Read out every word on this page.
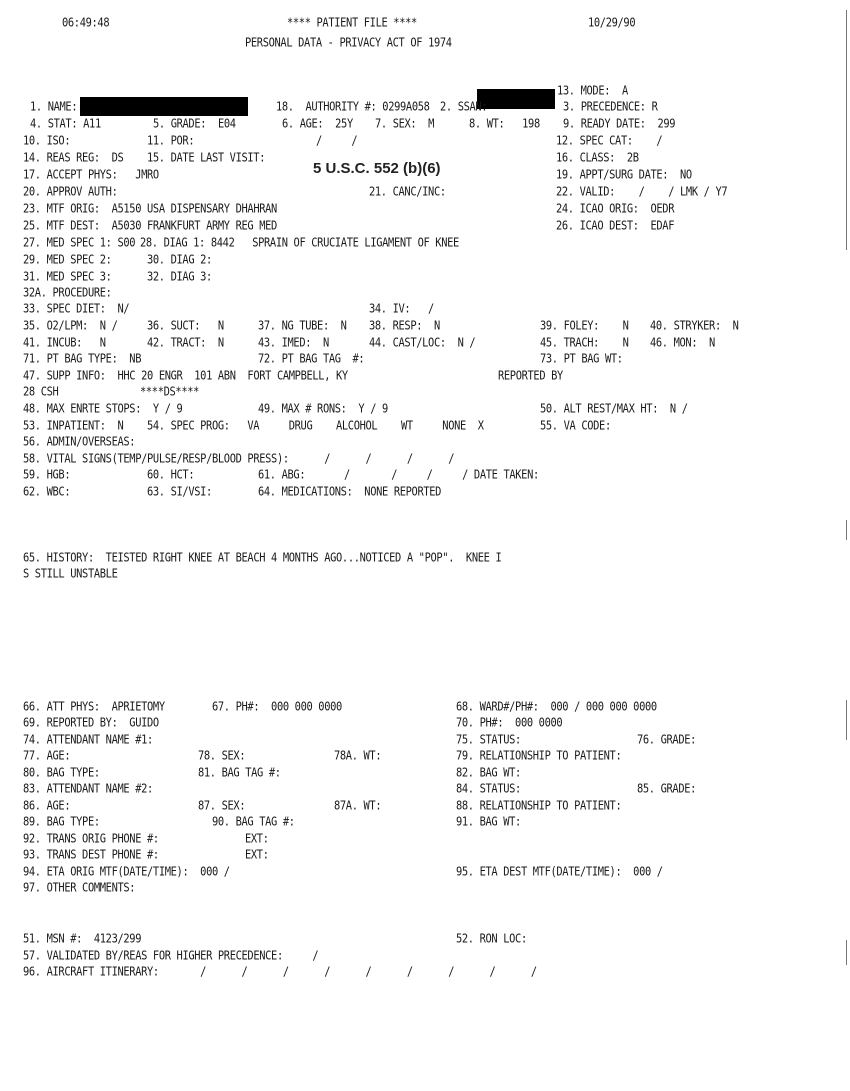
06:49:48	**** PATIENT FILE ****
PERSONAL DATA - PRIVACY ACT OF 1974
10/29/90
5 U.S.C. 552 (b)(6)
13. MODE:  A
1. NAME:	18.  AUTHORITY #: 0299A058 2. SSAN:	3. PRECEDENCE: R
4. STAT: A11	5. GRADE:  E04	6. AGE:  25Y 7. SEX:  M	8. WT:   198 9. READY DATE:  299
10. ISO:	11. POR:	/     /	12. SPEC CAT:    /
14. REAS REG:  DS 15. DATE LAST VISIT:	16. CLASS:  2B
17. ACCEPT PHYS:   JMRO	19. APPT/SURG DATE:  NO
20. APPROV AUTH:	21. CANC/INC:	22. VALID:    /    / LMK / Y7
23. MTF ORIG:  A5150 USA DISPENSARY DHAHRAN	24. ICAO ORIG:  OEDR
25. MTF DEST:  A5030 FRANKFURT ARMY REG MED	26. ICAO DEST:  EDAF
27. MED SPEC 1: S00 28. DIAG 1: 8442   SPRAIN OF CRUCIATE LIGAMENT OF KNEE
29. MED SPEC 2:	30. DIAG 2:
31. MED SPEC 3:	32. DIAG 3:
32A. PROCEDURE:
33. SPEC DIET:  N/	34. IV:   /
35. O2/LPM:  N /	36. SUCT:   N	37. NG TUBE:  N 38. RESP:  N	39. FOLEY:    N 40. STRYKER:  N
41. INCUB:   N	42. TRACT:  N	43. IMED:  N	44. CAST/LOC:  N /	45. TRACH:    N 46. MON:  N
71. PT BAG TYPE:  NB	72. PT BAG TAG  #:	73. PT BAG WT:
47. SUPP INFO:  HHC 20 ENGR  101 ABN  FORT CAMPBELL, KY	REPORTED BY
28 CSH	****DS****
48. MAX ENRTE STOPS:  Y / 9	49. MAX # RONS:  Y / 9	50. ALT REST/MAX HT:  N /
53. INPATIENT:  N 54. SPEC PROG:   VA     DRUG    ALCOHOL    WT     NONE  X	55. VA CODE:
56. ADMIN/OVERSEAS:
58. VITAL SIGNS(TEMP/PULSE/RESP/BLOOD PRESS):      /      /      /      /
59. HGB:	60. HCT:	61. ABG:	/       /     /     / DATE TAKEN:
62. WBC:	63. SI/VSI:	64. MEDICATIONS:  NONE REPORTED
65. HISTORY:  TEISTED RIGHT KNEE AT BEACH 4 MONTHS AGO...NOTICED A "POP".  KNEE I
S STILL UNSTABLE
66. ATT PHYS:  APRIETOMY	67. PH#:  000 000 0000	68. WARD#/PH#:  000 / 000 000 0000
69. REPORTED BY:  GUIDO	70. PH#:  000 0000
74. ATTENDANT NAME #1:	75. STATUS:	76. GRADE:
77. AGE:	78. SEX:	78A. WT:	79. RELATIONSHIP TO PATIENT:
80. BAG TYPE:	81. BAG TAG #:	82. BAG WT:
83. ATTENDANT NAME #2:	84. STATUS:	85. GRADE:
86. AGE:	87. SEX:	87A. WT:	88. RELATIONSHIP TO PATIENT:
89. BAG TYPE:	90. BAG TAG #:	91. BAG WT:
92. TRANS ORIG PHONE #:	EXT:
93. TRANS DEST PHONE #:	EXT:
94. ETA ORIG MTF(DATE/TIME):  000 /	95. ETA DEST MTF(DATE/TIME):  000 /
97. OTHER COMMENTS:
51. MSN #:  4123/299	52. RON LOC:
57. VALIDATED BY/REAS FOR HIGHER PRECEDENCE:     /
96. AIRCRAFT ITINERARY:       /      /      /      /      /      /      /      /      /
